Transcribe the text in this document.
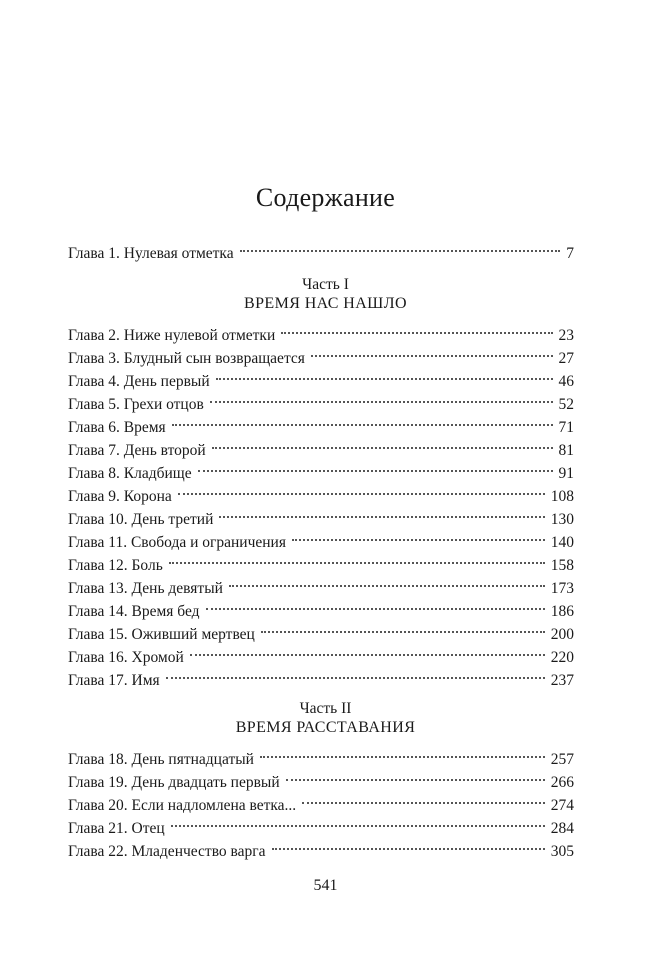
Содержание
Глава 1. Нулевая отметка	7
Глава 2. Ниже нулевой отметки	23
Глава 3. Блудный сын возвращается	27
Глава 4. День первый	46
Глава 5. Грехи отцов	52
Глава 6. Время	71
Глава 7. День второй	81
Глава 8. Кладбище	91
Глава 9. Корона	108
Глава 10. День третий	130
Глава 11. Свобода и ограничения	140
Глава 12. Боль	158
Глава 13. День девятый	173
Глава 14. Время бед	186
Глава 15. Оживший мертвец	200
Глава 16. Хромой	220
Глава 17. Имя	237
Глава 18. День пятнадцатый	257
Глава 19. День двадцать первый	266
Глава 20. Если надломлена ветка...	274
Глава 21. Отец	284
Глава 22. Младенчество варга	305
Часть I
ВРЕМЯ НАС НАШЛО
Часть II
ВРЕМЯ РАССТАВАНИЯ
541
